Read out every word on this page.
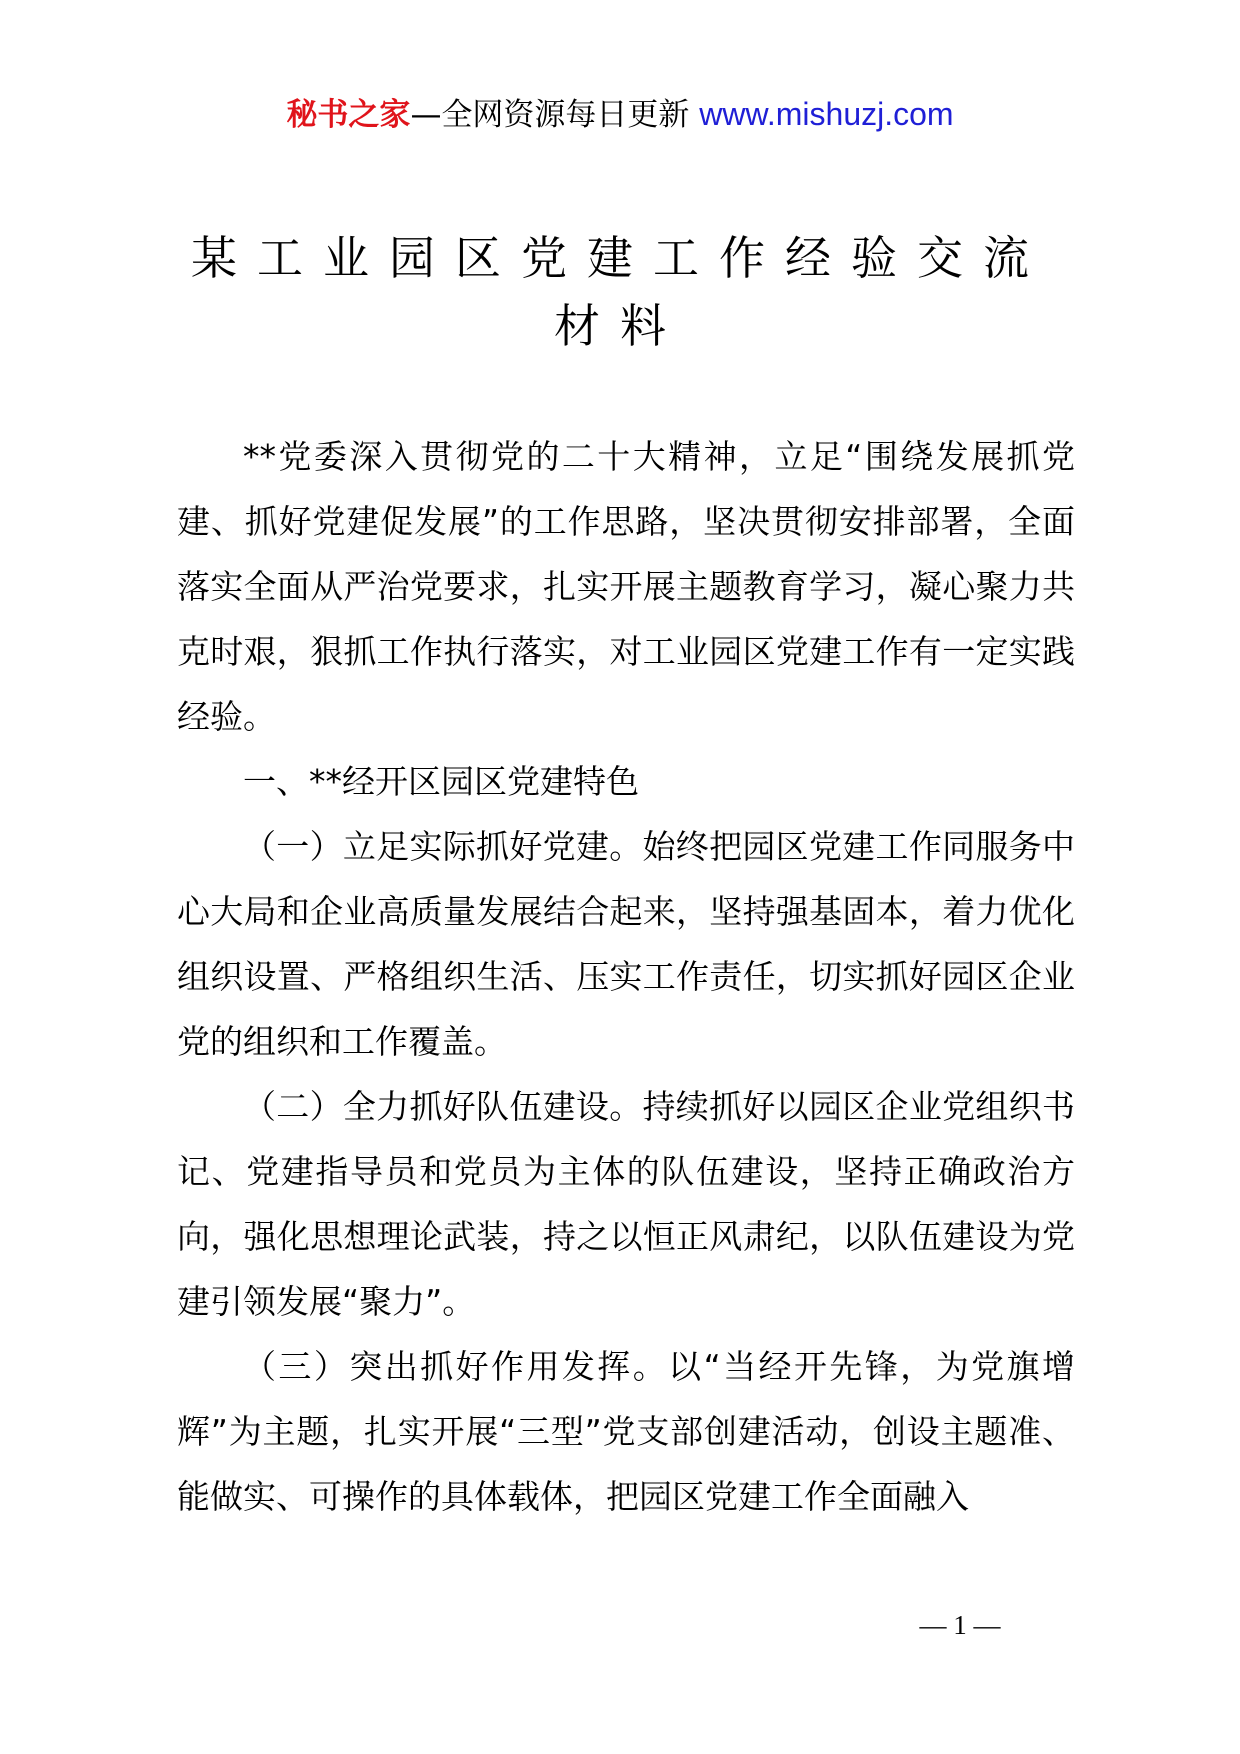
秘书之家—全网资源每日更新 www.mishuzj.com
某工业园区党建工作经验交流
材料

**党委深入贯彻党的二十大精神，立足“围绕发展抓党建、抓好党建促发展”的工作思路，坚决贯彻安排部署，全面落实全面从严治党要求，扎实开展主题教育学习，凝心聚力共克时艰，狠抓工作执行落实，对工业园区党建工作有一定实践经验。

一、**经开区园区党建特色

（一）立足实际抓好党建。始终把园区党建工作同服务中心大局和企业高质量发展结合起来，坚持强基固本，着力优化组织设置、严格组织生活、压实工作责任，切实抓好园区企业党的组织和工作覆盖。

（二）全力抓好队伍建设。持续抓好以园区企业党组织书记、党建指导员和党员为主体的队伍建设，坚持正确政治方向，强化思想理论武装，持之以恒正风肃纪，以队伍建设为党建引领发展“聚力”。

（三）突出抓好作用发挥。以“当经开先锋，为党旗增辉”为主题，扎实开展“三型”党支部创建活动，创设主题准、能做实、可操作的具体载体，把园区党建工作全面融入

— 1 —
